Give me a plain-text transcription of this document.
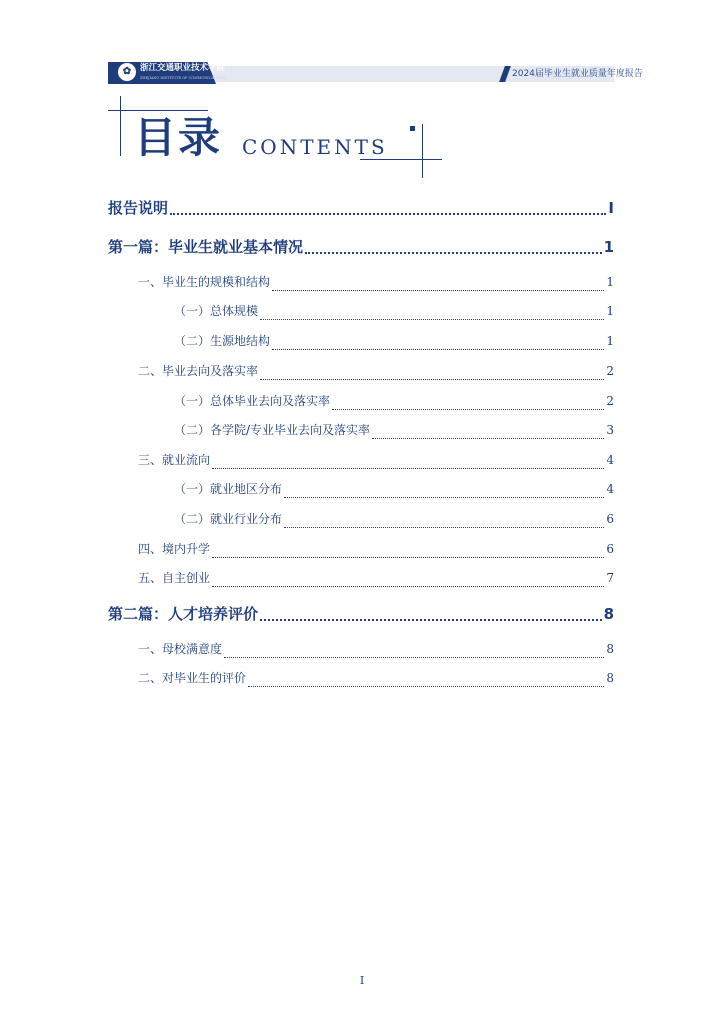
✿	浙江交通职业技术学院
ZHEJIANG INSTITUTE OF COMMUNICATIONS	2024届毕业生就业质量年度报告
目录 CONTENTS
报告说明	I
第一篇：毕业生就业基本情况	1
一、毕业生的规模和结构	1
（一）总体规模	1
（二）生源地结构	1
二、毕业去向及落实率	2
（一）总体毕业去向及落实率	2
（二）各学院/专业毕业去向及落实率	3
三、就业流向	4
（一）就业地区分布	4
（二）就业行业分布	6
四、境内升学	6
五、自主创业	7
第二篇：人才培养评价	8
一、母校满意度	8
二、对毕业生的评价	8
I
